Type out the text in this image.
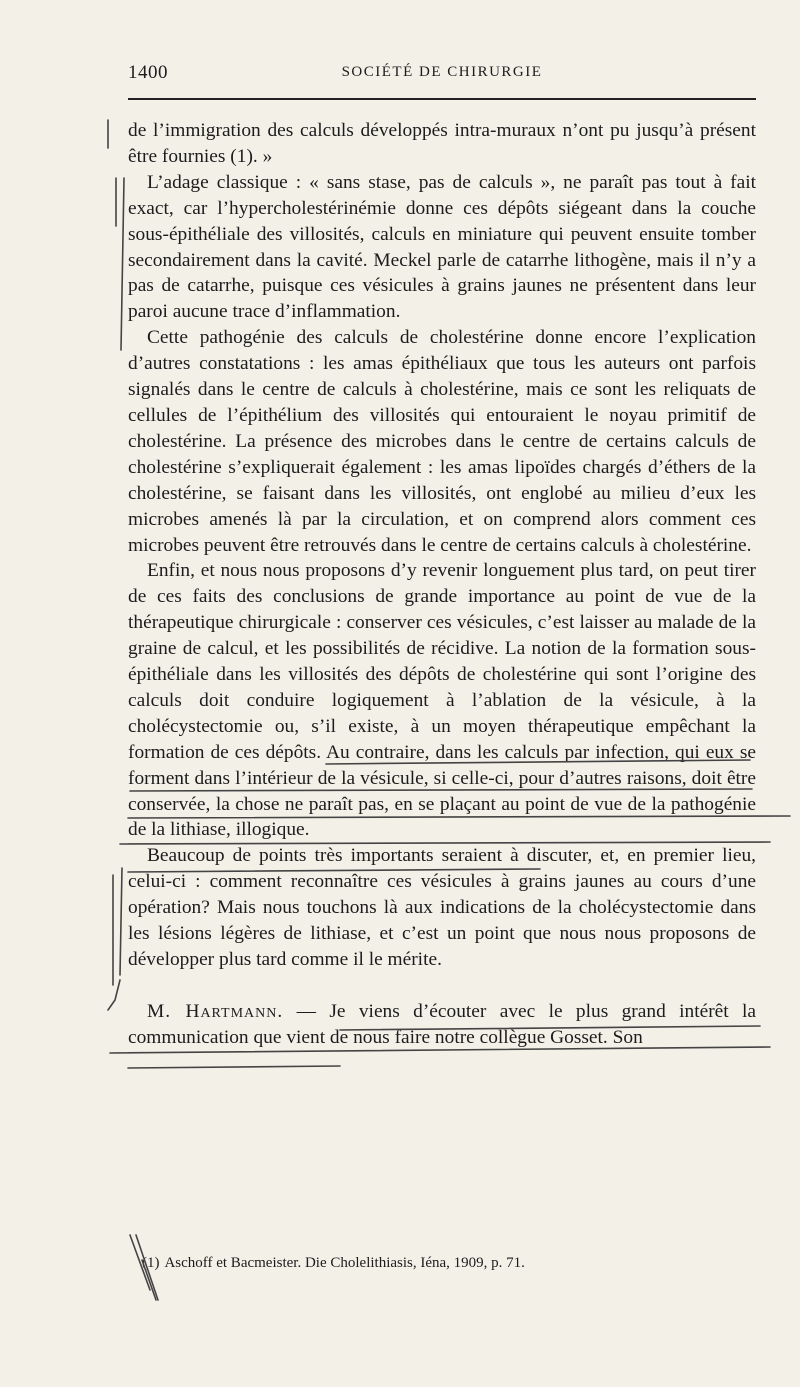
1400	SOCIÉTÉ DE CHIRURGIE

de l’immigration des calculs développés intra-muraux n’ont pu jusqu’à présent être fournies (1). »

L’adage classique : « sans stase, pas de calculs », ne paraît pas tout à fait exact, car l’hypercholestérinémie donne ces dépôts siégeant dans la couche sous-épithéliale des villosités, calculs en miniature qui peuvent ensuite tomber secondairement dans la cavité. Meckel parle de catarrhe lithogène, mais il n’y a pas de catarrhe, puisque ces vésicules à grains jaunes ne présentent dans leur paroi aucune trace d’inflammation.

Cette pathogénie des calculs de cholestérine donne encore l’explication d’autres constatations : les amas épithéliaux que tous les auteurs ont parfois signalés dans le centre de calculs à cholestérine, mais ce sont les reliquats de cellules de l’épithélium des villosités qui entouraient le noyau primitif de cholestérine. La présence des microbes dans le centre de certains calculs de cholestérine s’expliquerait également : les amas lipoïdes chargés d’éthers de la cholestérine, se faisant dans les villosités, ont englobé au milieu d’eux les microbes amenés là par la circulation, et on comprend alors comment ces microbes peuvent être retrouvés dans le centre de certains calculs à cholestérine.

Enfin, et nous nous proposons d’y revenir longuement plus tard, on peut tirer de ces faits des conclusions de grande importance au point de vue de la thérapeutique chirurgicale : conserver ces vésicules, c’est laisser au malade de la graine de calcul, et les possibilités de récidive. La notion de la formation sous-épithéliale dans les villosités des dépôts de cholestérine qui sont l’origine des calculs doit conduire logiquement à l’ablation de la vésicule, à la cholécystectomie ou, s’il existe, à un moyen thérapeutique empêchant la formation de ces dépôts. Au contraire, dans les calculs par infection, qui eux se forment dans l’intérieur de la vésicule, si celle-ci, pour d’autres raisons, doit être conservée, la chose ne paraît pas, en se plaçant au point de vue de la pathogénie de la lithiase, illogique.

Beaucoup de points très importants seraient à discuter, et, en premier lieu, celui-ci : comment reconnaître ces vésicules à grains jaunes au cours d’une opération? Mais nous touchons là aux indications de la cholécystectomie dans les lésions légères de lithiase, et c’est un point que nous nous proposons de développer plus tard comme il le mérite.

M. Hartmann. — Je viens d’écouter avec le plus grand intérêt la communication que vient de nous faire notre collègue Gosset. Son

(1) Aschoff et Bacmeister. Die Cholelithiasis, Iéna, 1909, p. 71.
